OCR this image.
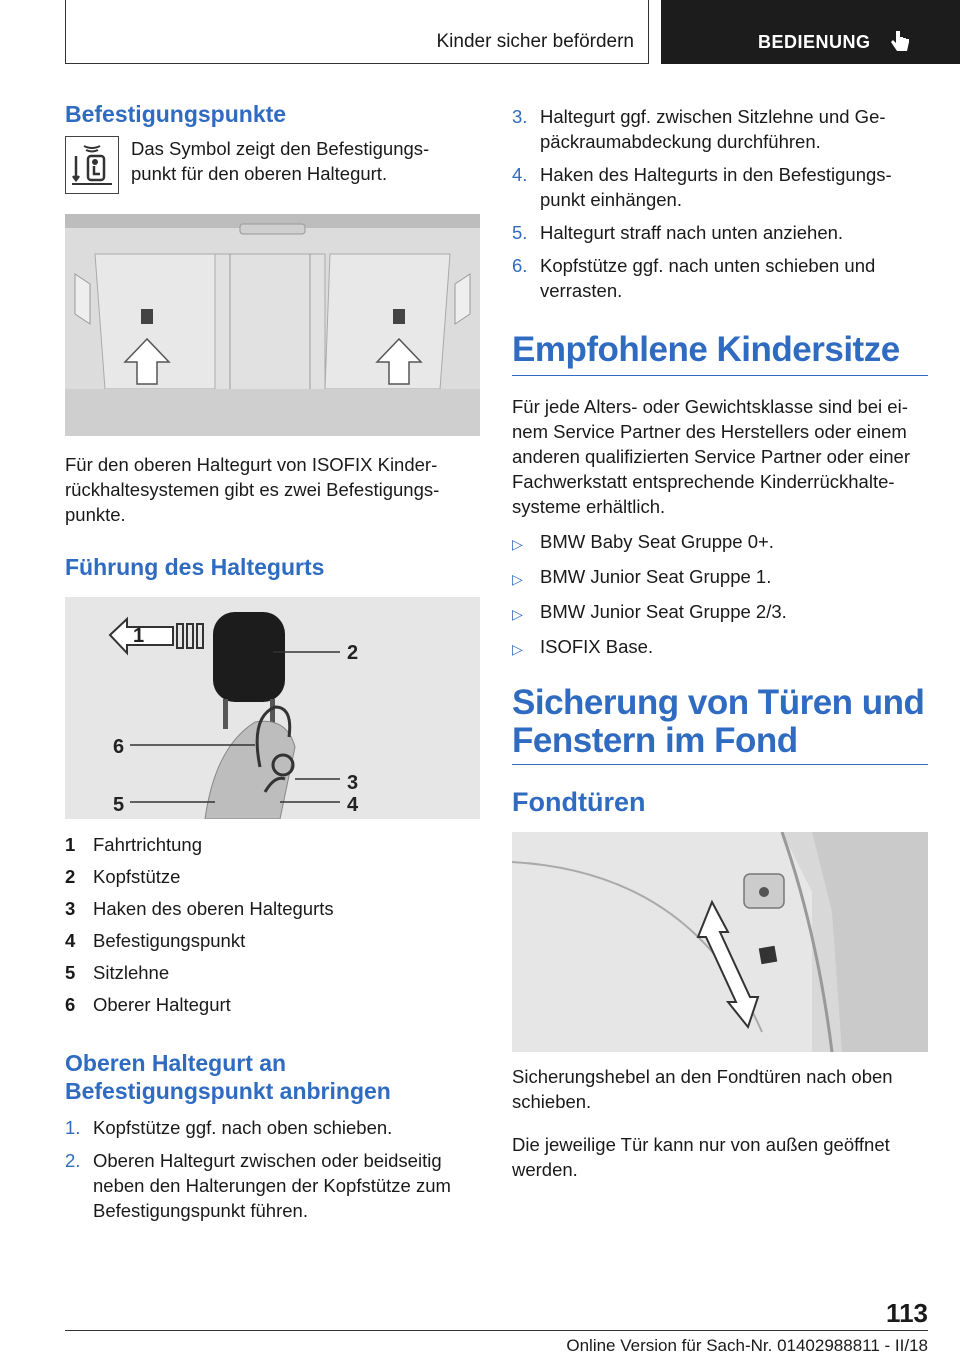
Kinder sicher befördern	BEDIENUNG
Befestigungspunkte

Das Symbol zeigt den Befestigungs-
punkt für den oberen Haltegurt.

Für den oberen Haltegurt von ISOFIX Kinder-
rückhaltesystemen gibt es zwei Befestigungs-
punkte.

Führung des Haltegurts
1
2
6
3
4
5
1 Fahrtrichtung
2 Kopfstütze
3 Haken des oberen Haltegurts
4 Befestigungspunkt
5 Sitzlehne
6 Oberer Haltegurt
Oberen Haltegurt an
Befestigungspunkt anbringen
1. Kopfstütze ggf. nach oben schieben.
2. Oberen Haltegurt zwischen oder beidseitig
neben den Halterungen der Kopfstütze zum
Befestigungspunkt führen.
3. Haltegurt ggf. zwischen Sitzlehne und Ge-
päckraumabdeckung durchführen.
4. Haken des Haltegurts in den Befestigungs-
punkt einhängen.
5. Haltegurt straff nach unten anziehen.
6. Kopfstütze ggf. nach unten schieben und
verrasten.
Empfohlene Kindersitze

Für jede Alters- oder Gewichtsklasse sind bei ei-
nem Service Partner des Herstellers oder einem
anderen qualifizierten Service Partner oder einer
Fachwerkstatt entsprechende Kinderrückhalte-
systeme erhältlich.

▷ BMW Baby Seat Gruppe 0+.
▷ BMW Junior Seat Gruppe 1.
▷ BMW Junior Seat Gruppe 2/3.
▷ ISOFIX Base.
Sicherung von Türen und
Fenstern im Fond
Fondtüren

Sicherungshebel an den Fondtüren nach oben
schieben.

Die jeweilige Tür kann nur von außen geöffnet
werden.

113
Online Version für Sach-Nr. 01402988811 - II/18
